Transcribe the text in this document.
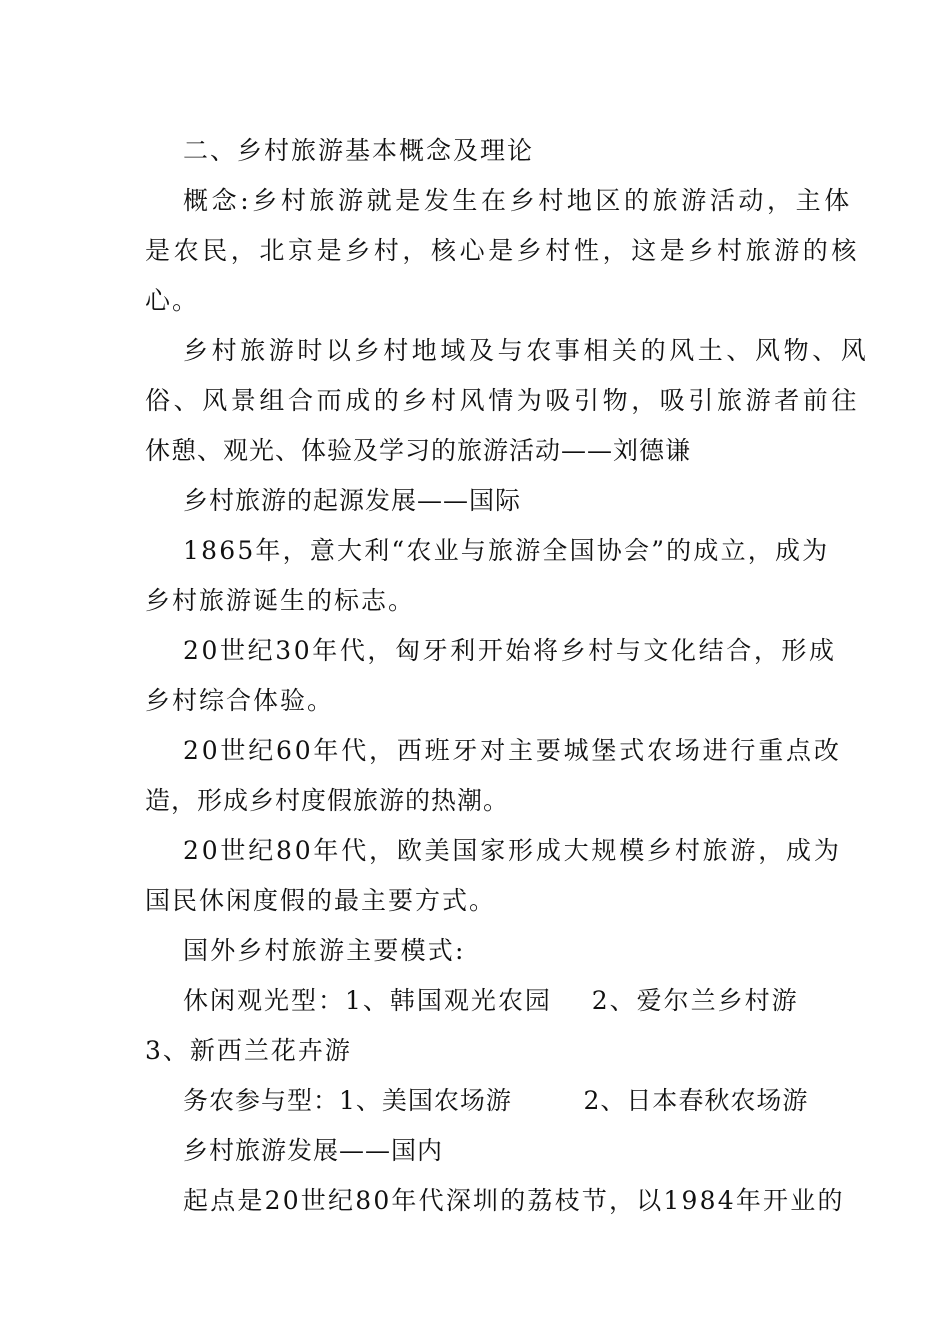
二、乡村旅游基本概念及理论
概念:乡村旅游就是发生在乡村地区的旅游活动，主体
是农民，北京是乡村，核心是乡村性，这是乡村旅游的核
心。
乡村旅游时以乡村地域及与农事相关的风土、风物、风
俗、风景组合而成的乡村风情为吸引物，吸引旅游者前往
休憩、观光、体验及学习的旅游活动——刘德谦
乡村旅游的起源发展——国际
1865年，意大利“农业与旅游全国协会”的成立，成为
乡村旅游诞生的标志。
20世纪30年代，匈牙利开始将乡村与文化结合，形成
乡村综合体验。
20世纪60年代，西班牙对主要城堡式农场进行重点改
造，形成乡村度假旅游的热潮。
20世纪80年代，欧美国家形成大规模乡村旅游，成为
国民休闲度假的最主要方式。
国外乡村旅游主要模式:
休闲观光型：1、韩国观光农园    2、爱尔兰乡村游
3、新西兰花卉游
务农参与型：1、美国农场游        2、日本春秋农场游
乡村旅游发展——国内
起点是20世纪80年代深圳的荔枝节，以1984年开业的
